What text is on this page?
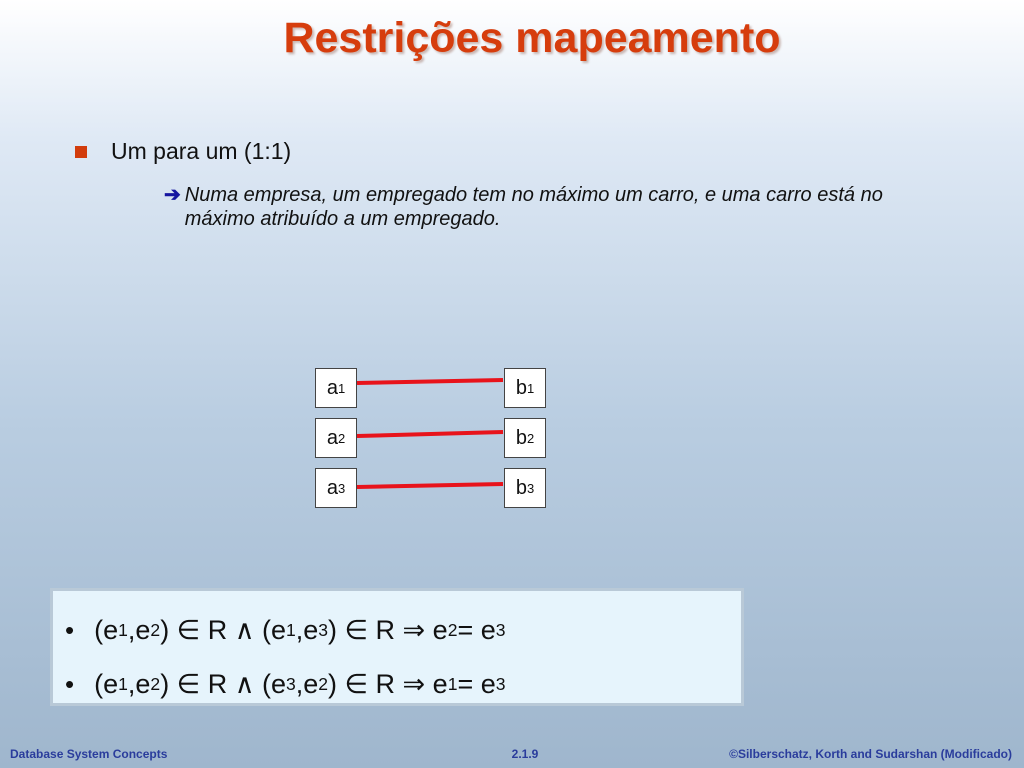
Restrições mapeamento
Um para um (1:1)
➔ Numa empresa, um empregado tem no máximo um carro, e uma carro está no máximo atribuído a um empregado.
a 1
a 2
a 3
b 1
b 2
b 3
• (e 1 ,e 2 ) ∈ R ∧ (e 1 ,e 3 ) ∈ R ⇒ e 2 = e 3
• (e 1 ,e 2 ) ∈ R ∧ (e 3 ,e 2 ) ∈ R ⇒ e 1 = e 3
Database System Concepts	2.1.9	©Silberschatz, Korth and Sudarshan (Modificado)
